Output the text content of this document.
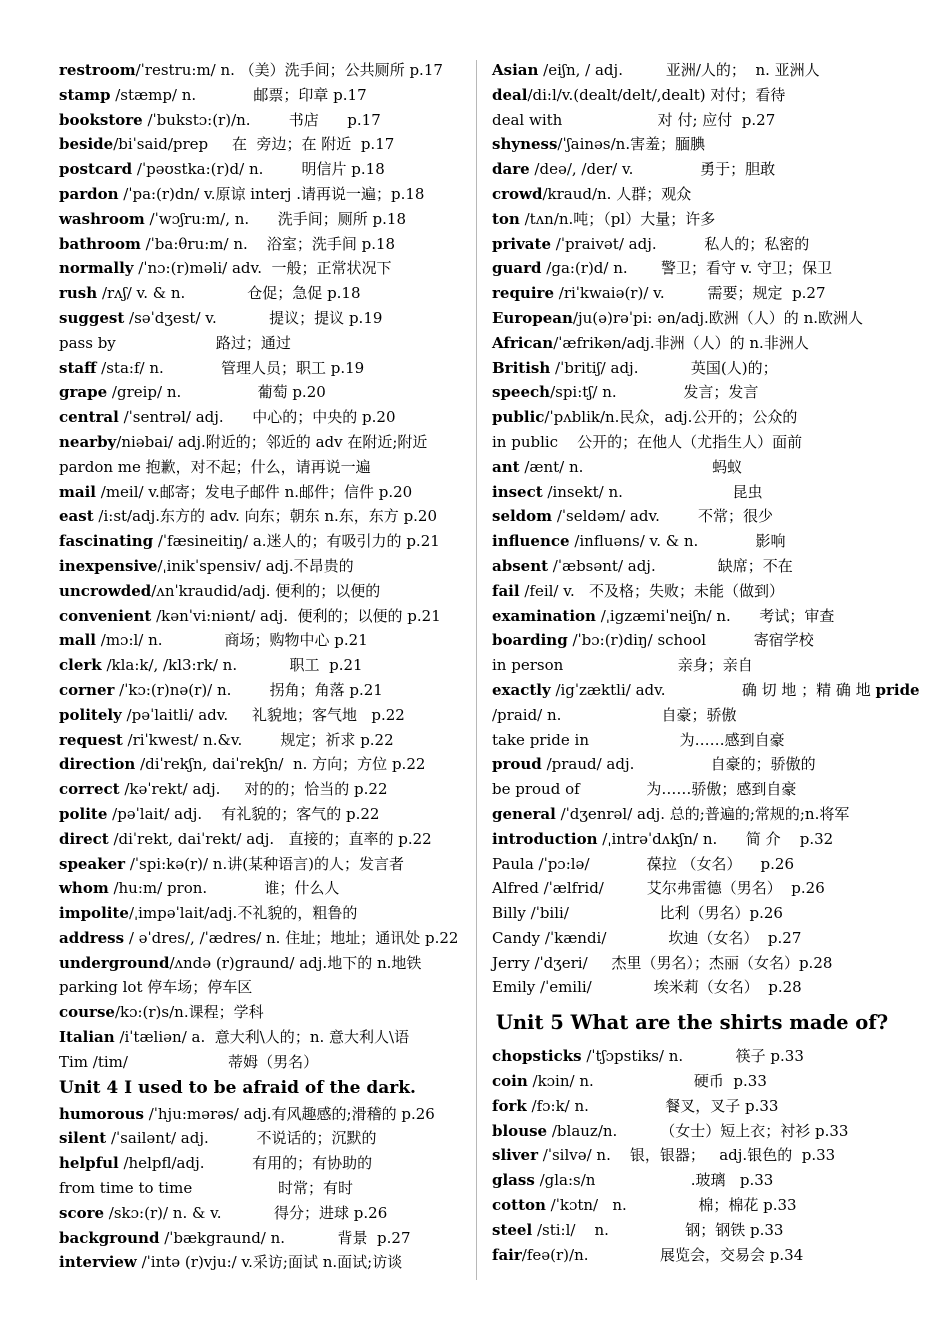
restroom/ˈrestru:m/ n. （美）洗手间；公共厕所 p.17
stamp /stæmp/ n.            邮票；印章 p.17
bookstore /ˈbukstɔ:(r)/n.        书店      p.17
beside/biˈsaid/prep     在  旁边；在 附近  p.17
postcard /ˈpəʊstka:(r)d/ n.        明信片 p.18
pardon /ˈpa:(r)dn/ v.原谅 interj .请再说一遍；p.18
washroom /ˈwɔʃru:m/, n.      洗手间；厕所 p.18
bathroom /ˈba:θru:m/ n.    浴室；洗手间 p.18
normally /ˈnɔ:(r)məli/ adv.  一般；正常状况下
rush /rʌʃ/ v. & n.             仓促；急促 p.18
suggest /səˈdʒest/ v.           提议；提议 p.19
pass by                     路过；通过
staff /sta:f/ n.            管理人员；职工 p.19
grape /greip/ n.                葡萄 p.20
central /ˈsentrəl/ adj.      中心的；中央的 p.20
nearby/niəbai/ adj.附近的；邻近的 adv 在附近;附近
pardon me 抱歉，对不起；什么，请再说一遍
mail /meil/ v.邮寄；发电子邮件 n.邮件；信件 p.20
east /i:st/adj.东方的 adv. 向东；朝东 n.东，东方 p.20
fascinating /ˈfæsineitiŋ/ a.迷人的；有吸引力的 p.21
inexpensive/ˌinikˈspensiv/ adj.不昂贵的
uncrowded/ʌnˈkraudid/adj. 便利的；以便的
convenient /kənˈvi:niənt/ adj.  便利的；以便的 p.21
mall /mɔ:l/ n.             商场；购物中心 p.21
clerk /kla:k/, /kl3:rk/ n.           职工  p.21
corner /ˈkɔ:(r)nə(r)/ n.        拐角；角落 p.21
politely /pəˈlaitli/ adv.     礼貌地；客气地   p.22
request /riˈkwest/ n.&v.        规定；祈求 p.22
direction /diˈrekʃn, daiˈrekʃn/  n. 方向；方位 p.22
correct /kəˈrekt/ adj.     对的的；恰当的 p.22
polite /pəˈlait/ adj.    有礼貌的；客气的 p.22
direct /diˈrekt, daiˈrekt/ adj.   直接的；直率的 p.22
speaker /ˈspi:kə(r)/ n.讲(某种语言)的人；发言者
whom /hu:m/ pron.            谁；什么人
impolite/ˌimpəˈlait/adj.不礼貌的，粗鲁的
address / əˈdres/, /ˈædres/ n. 住址；地址；通讯处 p.22
underground/ʌndə (r)graund/ adj.地下的 n.地铁
parking lot 停车场；停车区
course/kɔ:(r)s/n.课程；学科
Italian /iˈtæliən/ a.  意大利\人的；n. 意大利人\语
Tim /tim/                     蒂姆（男名）
Unit 4 I used to be afraid of the dark.
humorous /ˈhju:mərəs/ adj.有风趣感的;滑稽的 p.26
silent /ˈsailənt/ adj.          不说话的；沉默的
helpful /helpfl/adj.          有用的；有协助的
from time to time                  时常；有时
score /skɔ:(r)/ n. & v.           得分；进球 p.26
background /ˈbækgraund/ n.           背景  p.27
interview /ˈintə (r)vju:/ v.采访;面试 n.面试;访谈
Asian /eiʃn, / adj.         亚洲/人的；  n. 亚洲人
deal/di:l/v.(dealt/delt/,dealt) 对付；看待
deal with                    对 付; 应付  p.27
shyness/ˈʃainəs/n.害羞；腼腆
dare /deə/, /der/ v.              勇于；胆敢
crowd/kraud/n. 人群；观众
ton /tʌn/n.吨；（pl）大量；许多
private /ˈpraivət/ adj.          私人的；私密的
guard /ga:(r)d/ n.       警卫；看守 v. 守卫；保卫
require /riˈkwaiə(r)/ v.         需要；规定  p.27
European/ju(ə)rəˈpi: ən/adj.欧洲（人）的 n.欧洲人
African/ˈæfrikən/adj.非洲（人）的 n.非洲人
British /ˈbritiʃ/ adj.           英国(人)的；
speech/spi:tʃ/ n.              发言；发言
public/ˈpʌblik/n.民众，adj.公开的；公众的
in public    公开的；在他人（尤指生人）面前
ant /ænt/ n.                           蚂蚁
insect /insekt/ n.                       昆虫
seldom /ˈseldəm/ adv.        不常；很少
influence /influəns/ v. & n.            影响
absent /ˈæbsənt/ adj.             缺席；不在
fail /feil/ v.   不及格；失败；未能（做到）
examination /ˌigzæmiˈneiʃn/ n.      考试；审查
boarding /ˈbɔ:(r)diŋ/ school          寄宿学校
in person                        亲身；亲自
exactly /igˈzæktli/ adv.                确 切 地 ；精 确 地 pride
/praid/ n.                     自豪；骄傲
take pride in                   为……感到自豪
proud /praud/ adj.                自豪的；骄傲的
be proud of              为……骄傲；感到自豪
general /ˈdʒenrəl/ adj. 总的;普遍的;常规的;n.将军
introduction /ˌintrəˈdʌkʃn/ n.      简 介    p.32
Paula /ˈpɔ:lə/            葆拉 （女名）    p.26
Alfred /ˈælfrid/         艾尔弗雷德（男名）  p.26
Billy /ˈbili/                   比利（男名）p.26
Candy /ˈkændi/             坎迪（女名）  p.27
Jerry /ˈdʒeri/     杰里（男名）；杰丽（女名）p.28
Emily /ˈemili/             埃米莉（女名）  p.28
Unit 5 What are the shirts made of?
chopsticks /ˈtʃɔpstiks/ n.           筷子 p.33
coin /kɔin/ n.                     硬币  p.33
fork /fɔ:k/ n.                餐叉，叉子 p.33
blouse /blauz/n.         （女士）短上衣；衬衫 p.33
sliver /ˈsilvə/ n.    银，银器；   adj.银色的  p.33
glass /gla:s/n                    .玻璃   p.33
cotton /ˈkɔtn/   n.               棉；棉花 p.33
steel /sti:l/    n.                钢；钢铁 p.33
fair/feə(r)/n.               展览会，交易会 p.34
